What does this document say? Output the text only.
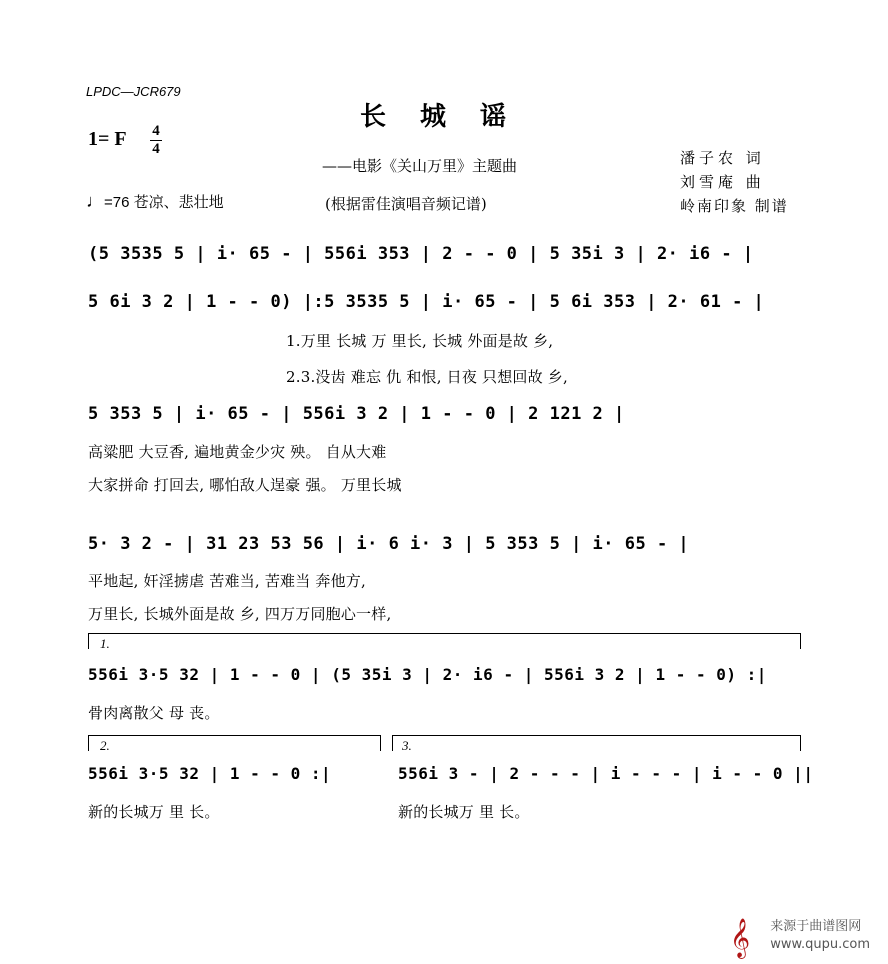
LPDC—JCR679
长城谣
1= F 4
4
——电影《关山万里》主题曲	潘子农 词
刘雪庵 曲
岭南印象 制谱
♩=76 苍凉、悲壮地	(根据雷佳演唱音频记谱)
(5 3535 5 | i· 65 - | 556i 353 | 2 - - 0 | 5 35i 3 | 2· i6 - |
5 6i 3 2 | 1 - - 0) |:5 3535 5 | i· 65 - | 5 6i 353 | 2· 61 - |
1.万里 长城 万 里长, 长城 外面是故 乡,
2.3.没齿 难忘 仇 和恨, 日夜 只想回故 乡,
5 353 5 | i· 65 - | 556i 3 2 | 1 - - 0 | 2 121 2 |
高粱肥 大豆香, 遍地黄金少灾 殃。 自从大难
大家拼命 打回去, 哪怕敌人逞豪 强。 万里长城
5· 3 2 - | 31 23 53 56 | i· 6 i· 3 | 5 353 5 | i· 65 - |
平地起, 奸淫掳虐 苦难当, 苦难当 奔他方,
万里长, 长城外面是故 乡, 四万万同胞心一样,
1.
556i 3·5 32 | 1 - - 0 | (5 35i 3 | 2· i6 - | 556i 3 2 | 1 - - 0) :|
骨肉离散父 母 丧。
2.	3.
556i 3·5 32 | 1 - - 0 :|	556i 3 - | 2 - - - | i - - - | i - - 0 ||
新的长城万 里 长。	新的长城万 里 长。
𝄞 来源于曲谱图网
www.qupu.com
